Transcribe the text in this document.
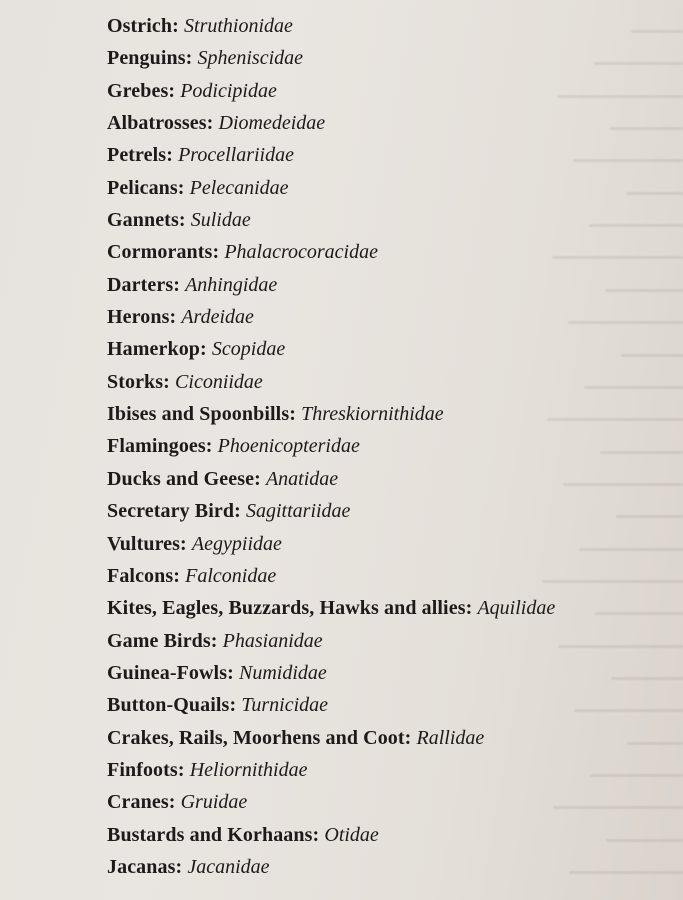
Ostrich: Struthionidae
Penguins: Spheniscidae
Grebes: Podicipidae
Albatrosses: Diomedeidae
Petrels: Procellariidae
Pelicans: Pelecanidae
Gannets: Sulidae
Cormorants: Phalacrocoracidae
Darters: Anhingidae
Herons: Ardeidae
Hamerkop: Scopidae
Storks: Ciconiidae
Ibises and Spoonbills: Threskiornithidae
Flamingoes: Phoenicopteridae
Ducks and Geese: Anatidae
Secretary Bird: Sagittariidae
Vultures: Aegypiidae
Falcons: Falconidae
Kites, Eagles, Buzzards, Hawks and allies: Aquilidae
Game Birds: Phasianidae
Guinea-Fowls: Numididae
Button-Quails: Turnicidae
Crakes, Rails, Moorhens and Coot: Rallidae
Finfoots: Heliornithidae
Cranes: Gruidae
Bustards and Korhaans: Otidae
Jacanas: Jacanidae
